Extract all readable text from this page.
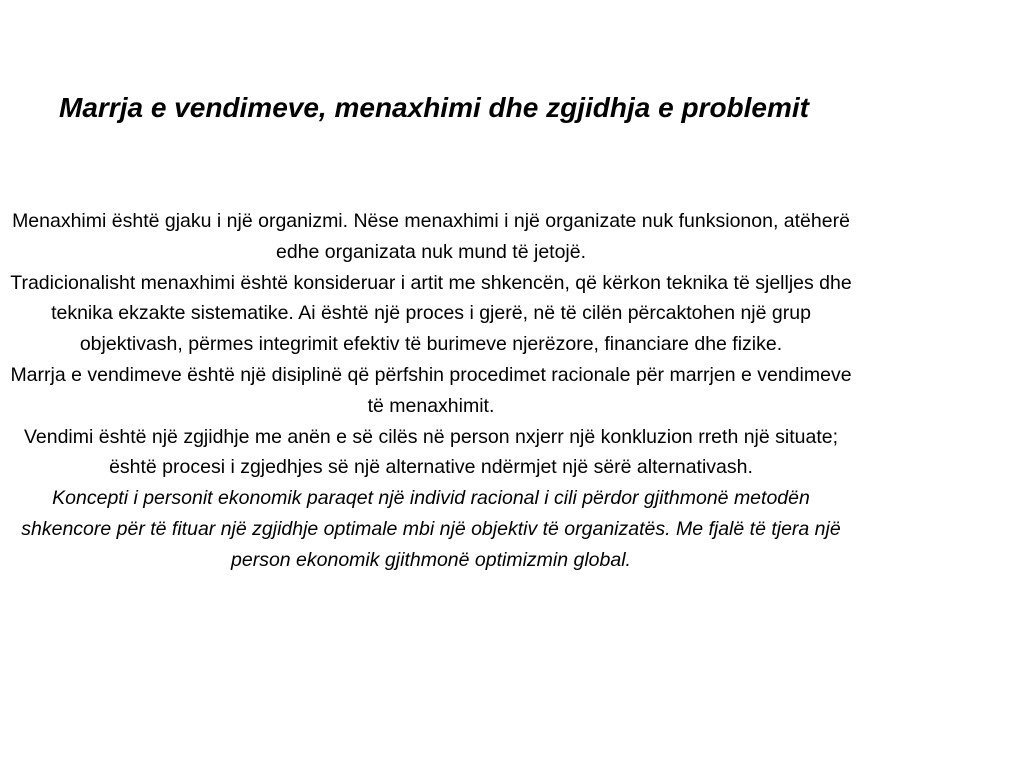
Marrja e vendimeve, menaxhimi dhe zgjidhja e problemit

Menaxhimi është gjaku i një organizmi. Nëse menaxhimi i një organizate nuk funksionon, atëherë edhe organizata nuk mund të jetojë.

Tradicionalisht menaxhimi është konsideruar i artit me shkencën, që kërkon teknika të sjelljes dhe teknika ekzakte sistematike. Ai është një proces i gjerë, në të cilën përcaktohen një grup objektivash, përmes integrimit efektiv të burimeve njerëzore, financiare dhe fizike.

Marrja e vendimeve është një disiplinë që përfshin procedimet racionale për marrjen e vendimeve të menaxhimit.

Vendimi është një zgjidhje me anën e së cilës në person nxjerr një konkluzion rreth një situate; është procesi i zgjedhjes së një alternative ndërmjet një sërë alternativash.

Koncepti i personit ekonomik paraqet një individ racional i cili përdor gjithmonë metodën shkencore për të fituar një zgjidhje optimale mbi një objektiv të organizatës. Me fjalë të tjera një person ekonomik gjithmonë optimizmin global.
